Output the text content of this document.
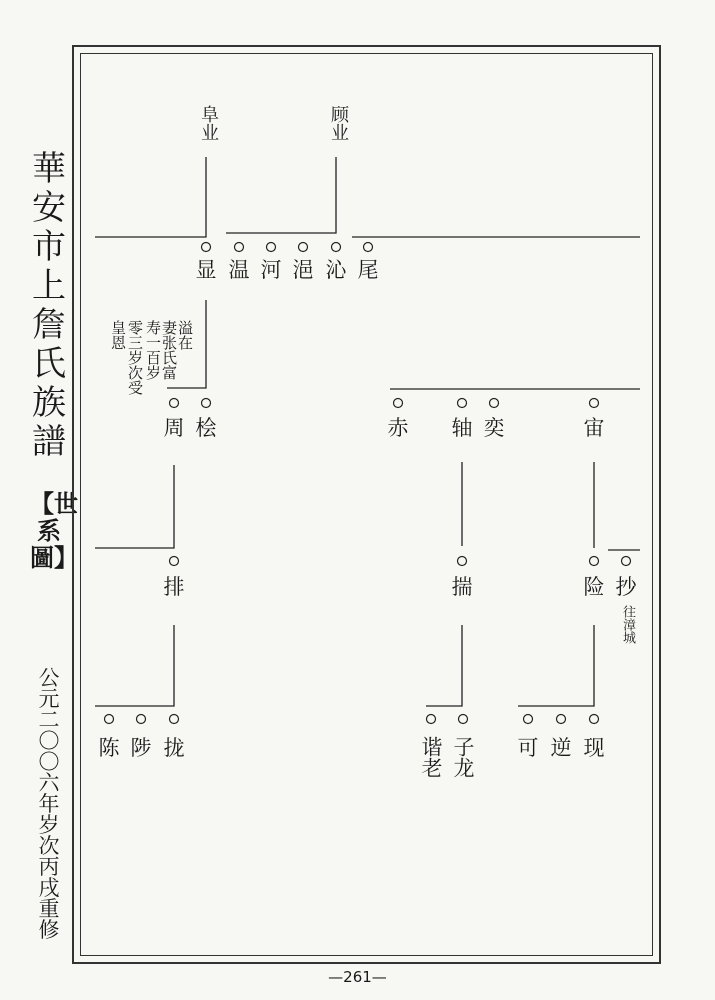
華安市上詹氏族譜
【世系圖】
公元二〇〇六年岁次丙戌重修
阜业	顾业
显 温 河 浥 沁 尾
溢在
妻张氏富
寿一百岁
零三岁次受
皇恩
周 桧	赤 轴 奕	宙
排	揣	险 抄
往漳城
陈 陟 拢	谐老 子龙 可 逆 现
—261—
